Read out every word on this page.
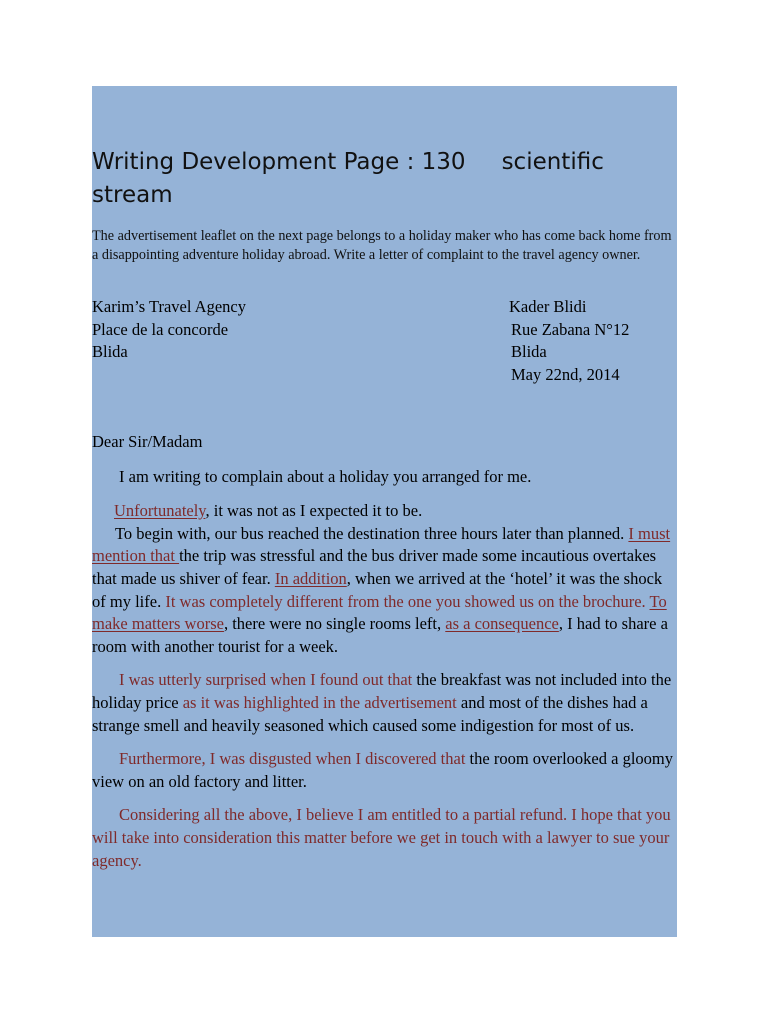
Writing Development Page : 130 scientific
stream

The advertisement leaflet on the next page belongs to a holiday maker who has come back home from a disappointing adventure holiday abroad. Write a letter of complaint to the travel agency owner.

Karim’s Travel Agency
Place de la concorde
Blida
Kader Blidi
Rue Zabana N°12
Blida
May 22nd, 2014

Dear Sir/Madam

I am writing to complain about a holiday you arranged for me.

Unfortunately, it was not as I expected it to be.

To begin with, our bus reached the destination three hours later than planned. I must mention that the trip was stressful and the bus driver made some incautious overtakes that made us shiver of fear. In addition, when we arrived at the ‘hotel’ it was the shock of my life. It was completely different from the one you showed us on the brochure. To make matters worse, there were no single rooms left, as a consequence, I had to share a room with another tourist for a week.

I was utterly surprised when I found out that the breakfast was not included into the holiday price as it was highlighted in the advertisement and most of the dishes had a strange smell and heavily seasoned which caused some indigestion for most of us.

Furthermore, I was disgusted when I discovered that the room overlooked a gloomy view on an old factory and litter.

Considering all the above, I believe I am entitled to a partial refund. I hope that you will take into consideration this matter before we get in touch with a lawyer to sue your agency.
